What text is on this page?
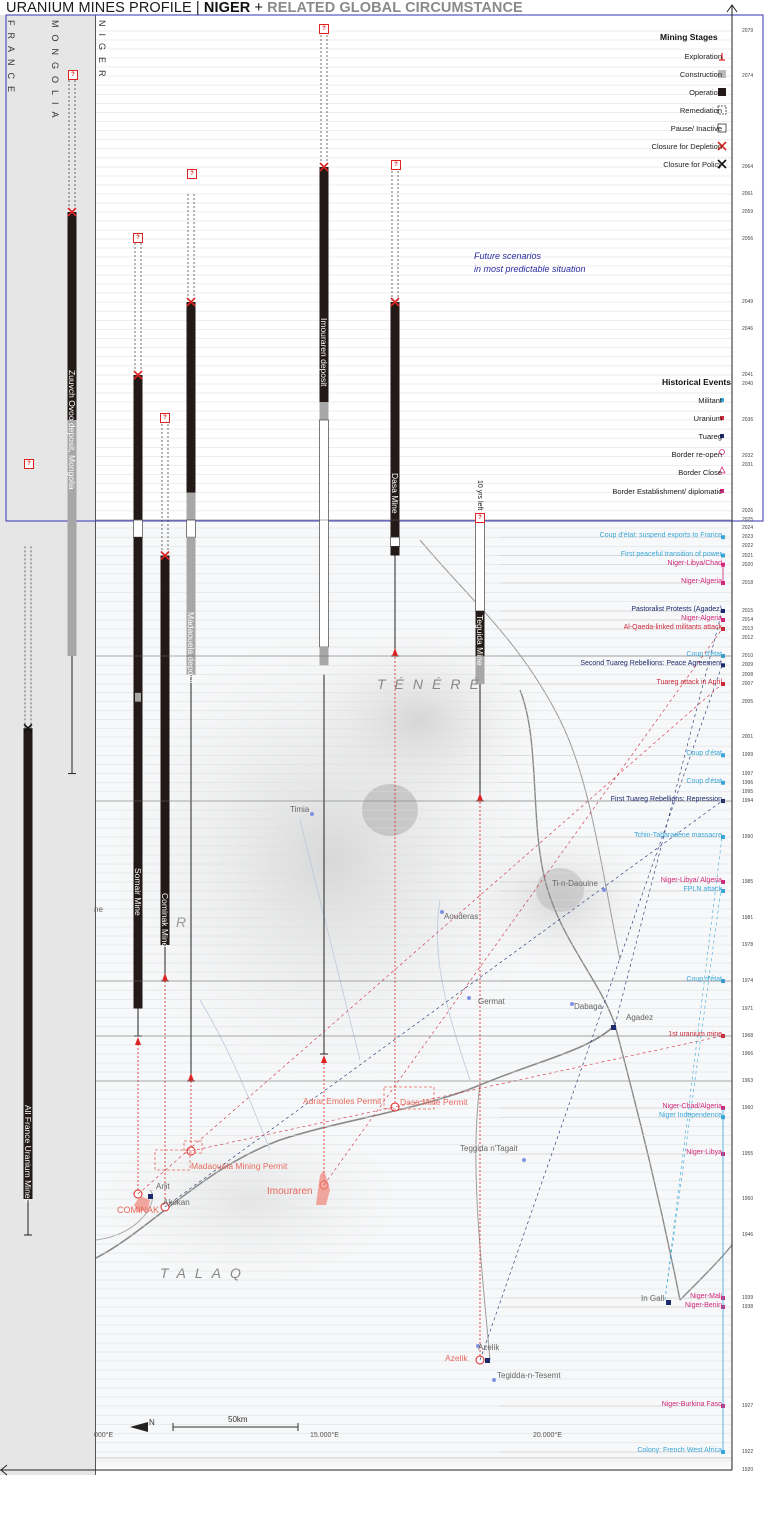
URANIUM MINES PROFILE | NIGER + RELATED GLOBAL CIRCUMSTANCE
FRANCE	MONGOLIA	NIGER	Mining Stages
Exploration
Construction
Operation
Remediation
Pause/ Inactive
Closure for Depletion
Closure for Policy
Historical Events
Militant
Uranium
Tuareg
Border re-open
Border Close
Border Establishment/ diplomatic
Future scenarios
in most predictable situation
All France Uranium Mines
Zuuvch Ovoo deposit, Mongolia
Somair Mine
Cominak Mine
Madaouela deposit
Imouraren deposit
Dasa Mine
Teguida Mine
10 yrs left
?
?
?
?
?
?
?
?
TÉNÉRÉ
TALAQ
Timia
Ti-n-Daouine
Aouderas
Germat
Dabaga
Agadez
Teggida n'Tagait
Arlit
Akokan
In Gall
Azelik
Tegidda-n-Tesemt
ne
R
Adrar Emoles Permit Dasa Mine Permit
Madaouela Mining Permit
Imouraren
COMINAK
Azelik
50km
N
000°E	15.000°E	20.000°E
2079
2074
2064
2061
2059
2056
2049
2046
2041
2040
2036
2032
2031
2026
2025
2024
2023
2022
2021
2020
2018
2015
2014
2013
2012
2010
2009
2008
2007
2005
2001
1999
1997
1996
1995
1994
1990
1985
1981
1978
1974
1971
1968
1966
1963
1960
1955
1950
1946
1939
1938
1927
1922
1920
Coup d'état: suspend exports to France
First peaceful transition of power
Niger-Libya/Chad
Niger-Algeria
Pastoralist Protests (Agadez)
Niger-Algeria
Al-Qaeda-linked militants attack
Coup d'état
Second Tuareg Rebellions: Peace Agreement
Tuareg attack in April
Coup d'état
Coup d'état
First Tuareg Rebellions: Repression
Tchin-Tabaradene massacre
Niger-Libya/ Algeria
FPLN attack
Coup d'état
1st uranium mine
Niger-Chad/Algeria
Niger Independence
Niger-Libya
Niger-Mali
Niger-Benin
Niger-Burkina Faso
Colony: French West Africa
